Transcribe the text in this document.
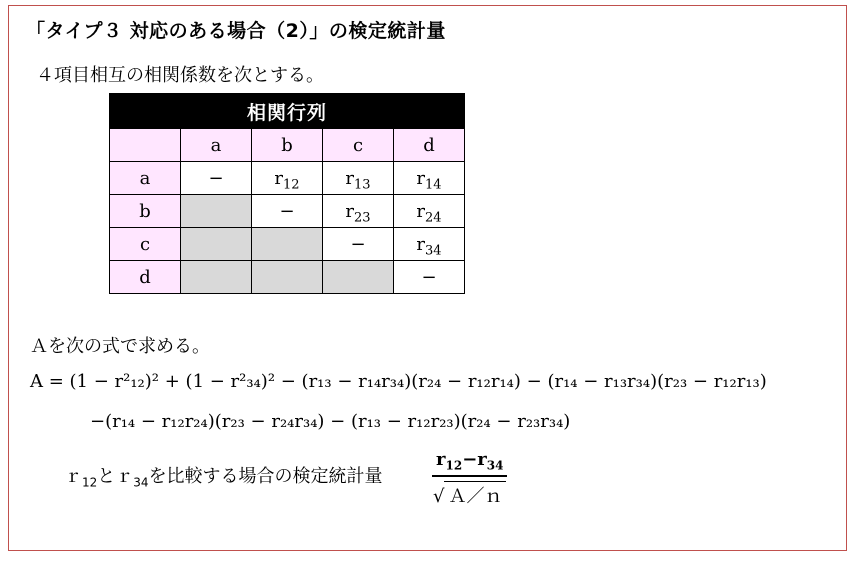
「タイプ３ 対応のある場合（2）」の検定統計量
４項目相互の相関係数を次とする。
相関行列				
	a	b	c	d
a	−	$r_{12}$	$r_{13}$	$r_{14}$
b		−	$r_{23}$	$r_{24}$
c			−	$r_{34}$
d				−
Ａを次の式で求める。
A = (1 − r²₁₂)² + (1 − r²₃₄)² − (r₁₃ − r₁₄r₃₄)(r₂₄ − r₁₂r₁₄) − (r₁₄ − r₁₃r₃₄)(r₂₃ − r₁₂r₁₃)
−(r₁₄ − r₁₂r₂₄)(r₂₃ − r₂₄r₃₄) − (r₁₃ − r₁₂r₂₃)(r₂₄ − r₂₃r₃₄)
ｒ$_{12}$とｒ$_{34}$を比較する場合の検定統計量	$\frac{r_{12}-r_{34}}{\text{√ Ａ／ｎ}}$
